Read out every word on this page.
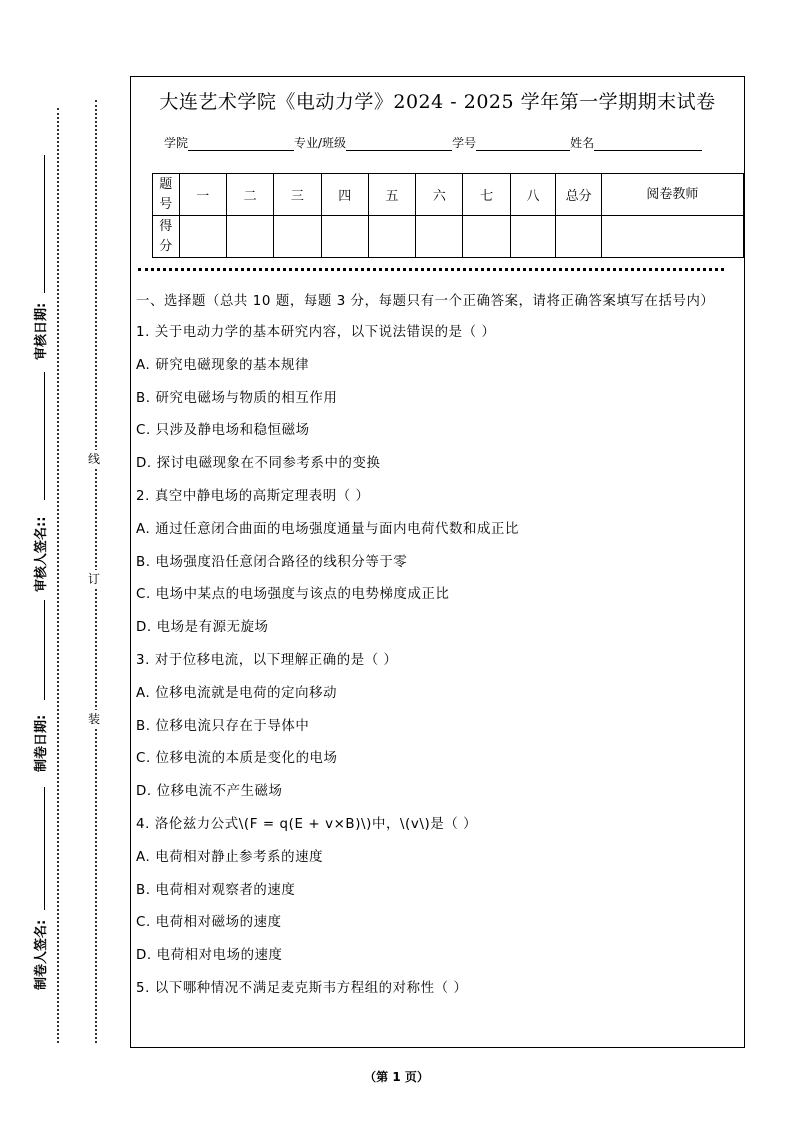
审核日期:
审核人签名::
制卷日期:
制卷人签名:
线
订
装
大连艺术学院《电动力学》2024 - 2025 学年第一学期期末试卷
学院	专业/班级	学号	姓名
题号	一	二	三	四	五	六	七	八	总分	阅卷教师
得分										
一、选择题（总共 10 题，每题 3 分，每题只有一个正确答案，请将正确答案填写在括号内）
1. 关于电动力学的基本研究内容，以下说法错误的是（ ）
A. 研究电磁现象的基本规律
B. 研究电磁场与物质的相互作用
C. 只涉及静电场和稳恒磁场
D. 探讨电磁现象在不同参考系中的变换
2. 真空中静电场的高斯定理表明（ ）
A. 通过任意闭合曲面的电场强度通量与面内电荷代数和成正比
B. 电场强度沿任意闭合路径的线积分等于零
C. 电场中某点的电场强度与该点的电势梯度成正比
D. 电场是有源无旋场
3. 对于位移电流，以下理解正确的是（ ）
A. 位移电流就是电荷的定向移动
B. 位移电流只存在于导体中
C. 位移电流的本质是变化的电场
D. 位移电流不产生磁场
4. 洛伦兹力公式\(F = q(E + v×B)\)中，\(v\)是（ ）
A. 电荷相对静止参考系的速度
B. 电荷相对观察者的速度
C. 电荷相对磁场的速度
D. 电荷相对电场的速度
5. 以下哪种情况不满足麦克斯韦方程组的对称性（ ）
（第 1 页）
